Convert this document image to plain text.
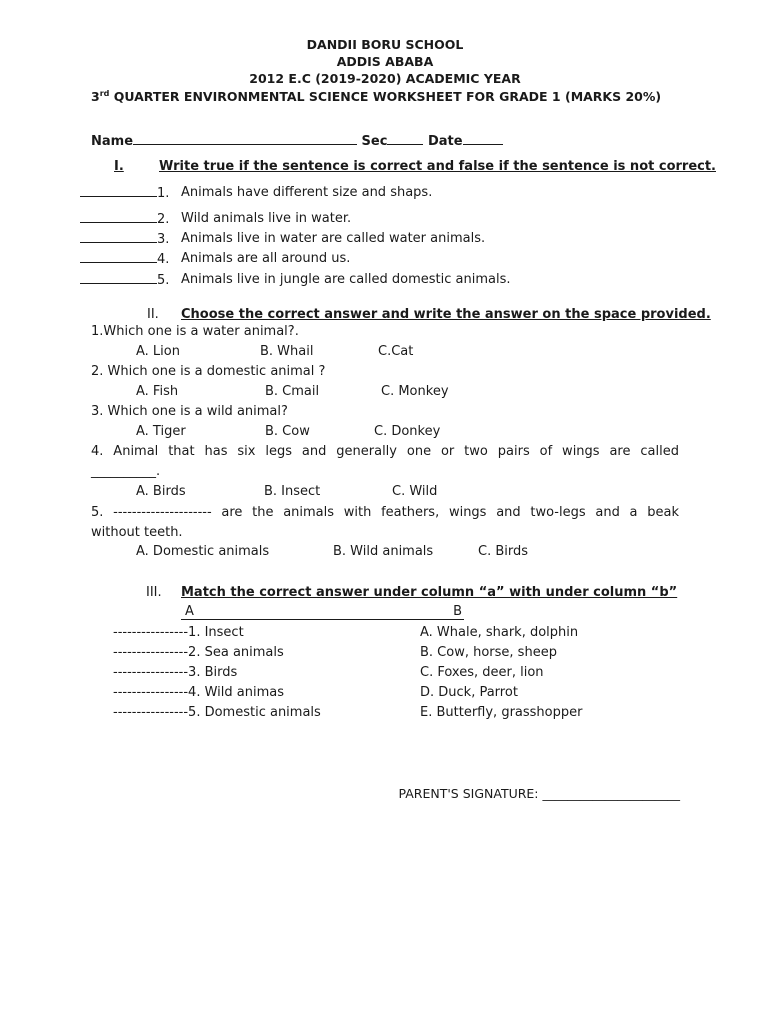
DANDII BORU SCHOOL
ADDIS ABABA
2012 E.C (2019-2020) ACADEMIC YEAR
3rd QUARTER ENVIRONMENTAL SCIENCE WORKSHEET FOR GRADE 1 (MARKS 20%)
Name	Sec	Date
I.	Write true if the sentence is correct and false if the sentence is not correct.
1. Animals have different size and shaps.
2. Wild animals live in water.
3. Animals live in water are called water animals.
4. Animals are all around us.
5. Animals live in jungle are called domestic animals.
II. Choose the correct answer and write the answer on the space provided.
1.Which one is a water animal?.
A. Lion	B. Whail	C.Cat
2. Which one is a domestic animal ?
A. Fish	B. Cmail	C. Monkey
3. Which one is a wild animal?
A. Tiger	B. Cow	C. Donkey
4. Animal that has six legs and generally one or two pairs of wings are called
__________.
A. Birds	B. Insect	C. Wild
5. --------------------- are the animals with feathers, wings and two-legs and a beak
without teeth.
A. Domestic animals	B. Wild animals	C. Birds
III. Match the correct answer under column “a” with under column “b”
A	B
----------------1. Insect	A. Whale, shark, dolphin
----------------2. Sea animals	B. Cow, horse, sheep
----------------3. Birds	C. Foxes, deer, lion
----------------4. Wild animas	D. Duck, Parrot
----------------5. Domestic animals	E. Butterfly, grasshopper
PARENT'S SIGNATURE: ______________________
